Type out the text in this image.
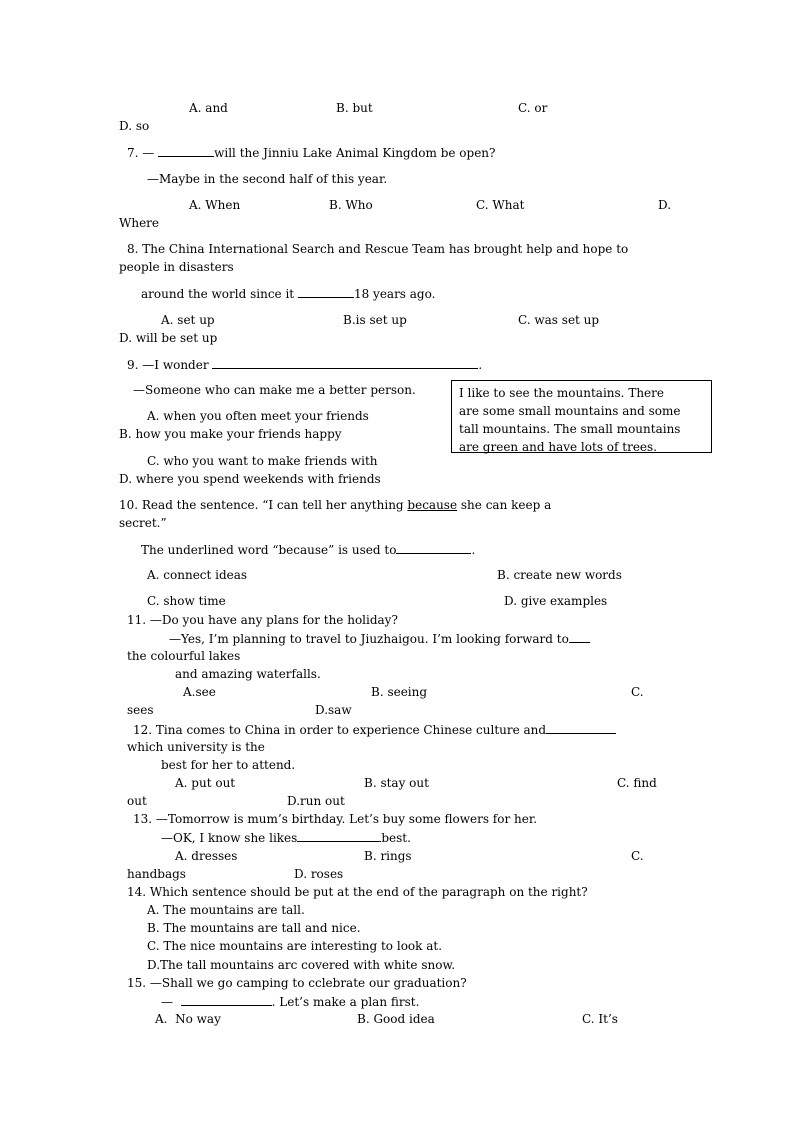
A. and	B. but	C. or
D. so
7. —	will the Jinniu Lake Animal Kingdom be open?
—Maybe in the second half of this year.
A. When	B. Who	C. What	D.
Where
8. The China International Search and Rescue Team has brought help and hope to
people in disasters
around the world since it	18 years ago.
A. set up	B.is set up	C. was set up
D. will be set up
9. —I wonder	.
—Someone who can make me a better person.
A. when you often meet your friends
B. how you make your friends happy
C. who you want to make friends with
D. where you spend weekends with friends
I like to see the mountains. There
are some small mountains and some
tall mountains. The small mountains
are green and have lots of trees.	_
10. Read the sentence. “I can tell her anything because she can keep a
secret.”
The underlined word “because” is used to	.
A. connect ideas	B. create new words
C. show time	D. give examples
11. —Do you have any plans for the holiday?
—Yes, I’m planning to travel to Jiuzhaigou. I’m looking forward to
the colourful lakes
and amazing waterfalls.
A.see	B. seeing	C.
sees	D.saw
12. Tina comes to China in order to experience Chinese culture and
which university is the
best for her to attend.
A. put out	B. stay out	C. find
out	D.run out
13. —Tomorrow is mum’s birthday. Let’s buy some flowers for her.
—OK, I know she likes	best.
A. dresses	B. rings	C.
handbags	D. roses
14. Which sentence should be put at the end of the paragraph on the right?
A. The mountains are tall.
B. The mountains are tall and nice.
C. The nice mountains are interesting to look at.
D.The tall mountains arc covered with white snow.
15. —Shall we go camping to cclebrate our graduation?
—	. Let’s make a plan first.
A.  No way	B. Good idea	C. It’s
